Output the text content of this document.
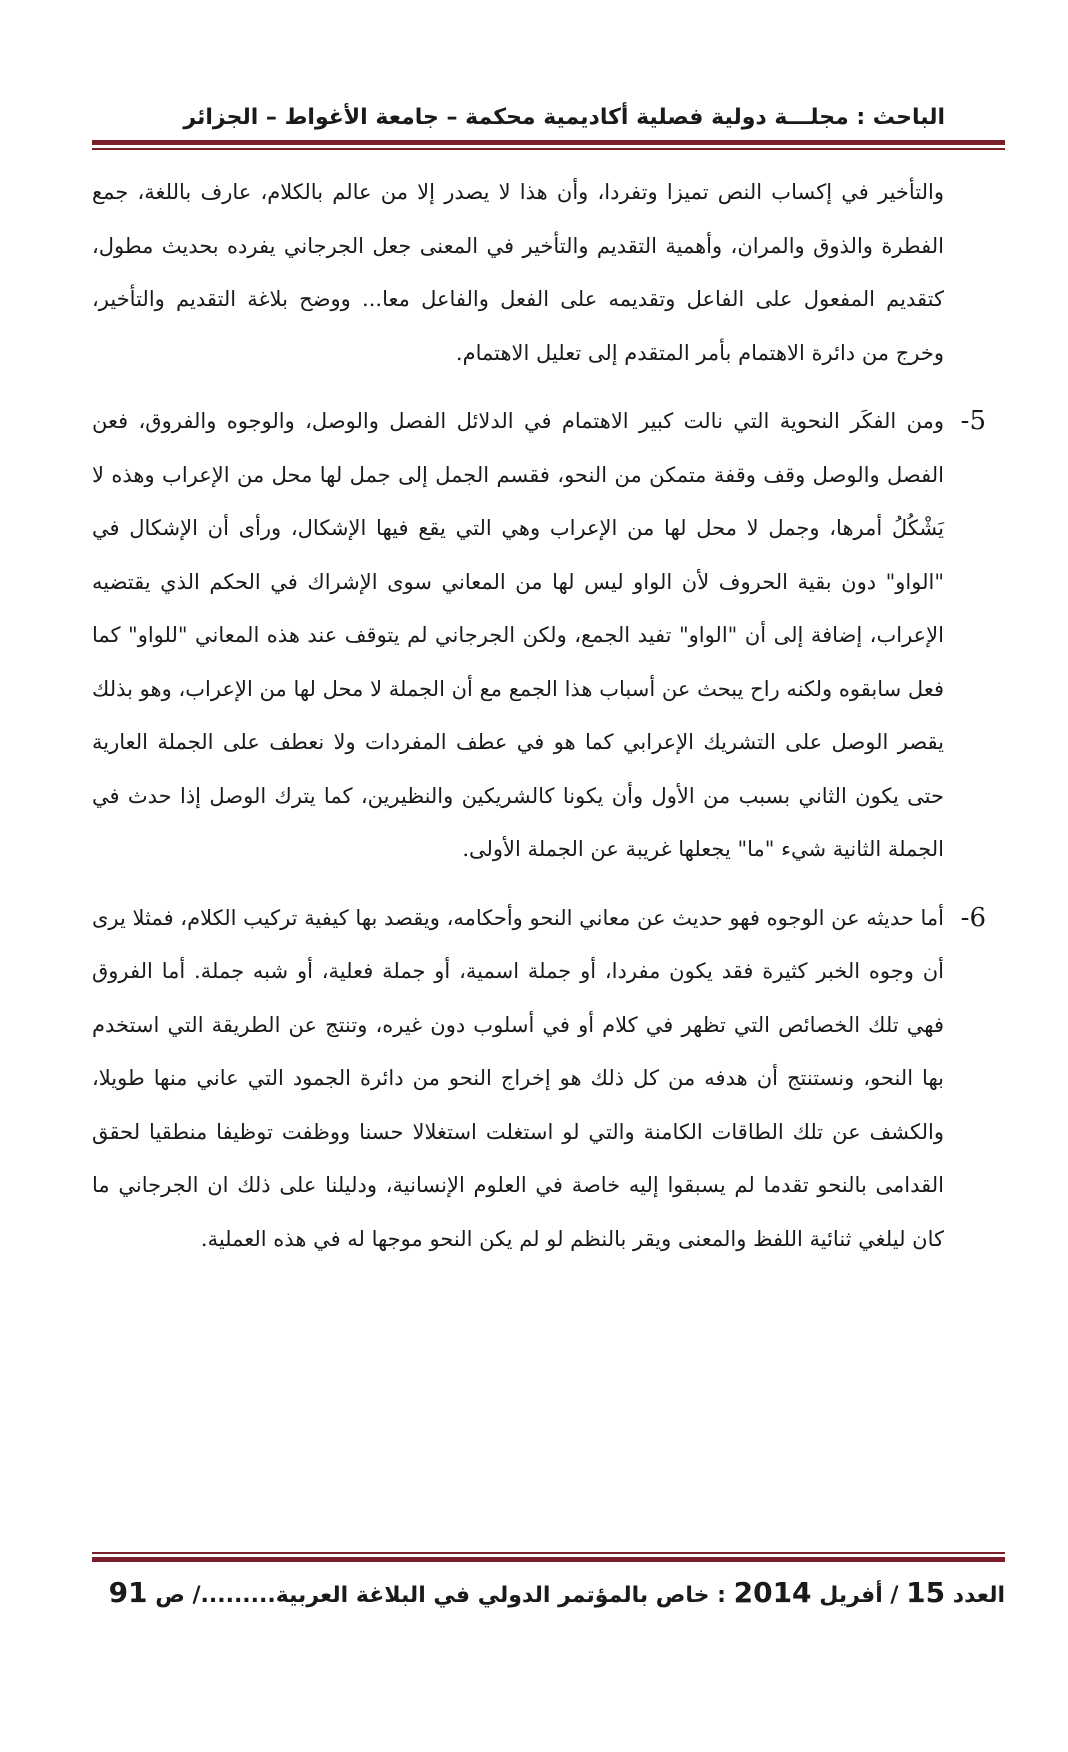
الباحث : مجلـــة دولية فصلية أكاديمية محكمة – جامعة الأغواط – الجزائر

والتأخير في إكساب النص تميزا وتفردا، وأن هذا لا يصدر إلا من عالم بالكلام، عارف باللغة، جمع الفطرة والذوق والمران، وأهمية التقديم والتأخير في المعنى جعل الجرجاني يفرده بحديث مطول، كتقديم المفعول على الفاعل وتقديمه على الفعل والفاعل معا... ووضح بلاغة التقديم والتأخير، وخرج من دائرة الاهتمام بأمر المتقدم إلى تعليل الاهتمام.

5-

ومن الفكَر النحوية التي نالت كبير الاهتمام في الدلائل الفصل والوصل، والوجوه والفروق، فعن الفصل والوصل وقف وقفة متمكن من النحو، فقسم الجمل إلى جمل لها محل من الإعراب وهذه لا يَشْكُلُ أمرها، وجمل لا محل لها من الإعراب وهي التي يقع فيها الإشكال، ورأى أن الإشكال في "الواو" دون بقية الحروف لأن الواو ليس لها من المعاني سوى الإشراك في الحكم الذي يقتضيه الإعراب، إضافة إلى أن "الواو" تفيد الجمع، ولكن الجرجاني لم يتوقف عند هذه المعاني "للواو" كما فعل سابقوه ولكنه راح يبحث عن أسباب هذا الجمع مع أن الجملة لا محل لها من الإعراب، وهو بذلك يقصر الوصل على التشريك الإعرابي كما هو في عطف المفردات ولا نعطف على الجملة العارية حتى يكون الثاني بسبب من الأول وأن يكونا كالشريكين والنظيرين، كما يترك الوصل إذا حدث في الجملة الثانية شيء "ما" يجعلها غريبة عن الجملة الأولى.

6-

أما حديثه عن الوجوه فهو حديث عن معاني النحو وأحكامه، ويقصد بها كيفية تركيب الكلام، فمثلا يرى أن وجوه الخبر كثيرة فقد يكون مفردا، أو جملة اسمية، أو جملة فعلية، أو شبه جملة. أما الفروق فهي تلك الخصائص التي تظهر في كلام أو في أسلوب دون غيره، وتنتج عن الطريقة التي استخدم بها النحو، ونستنتج أن هدفه من كل ذلك هو إخراج النحو من دائرة الجمود التي عاني منها طويلا، والكشف عن تلك الطاقات الكامنة والتي لو استغلت استغلالا حسنا ووظفت توظيفا منطقيا لحقق القدامى بالنحو تقدما لم يسبقوا إليه خاصة في العلوم الإنسانية، ودليلنا على ذلك ان الجرجاني ما كان ليلغي ثنائية اللفظ والمعنى ويقر بالنظم لو لم يكن النحو موجها له في هذه العملية.

العدد 15 / أفريل 2014 : خاص بالمؤتمر الدولي في البلاغة العربية........./ ص 91
